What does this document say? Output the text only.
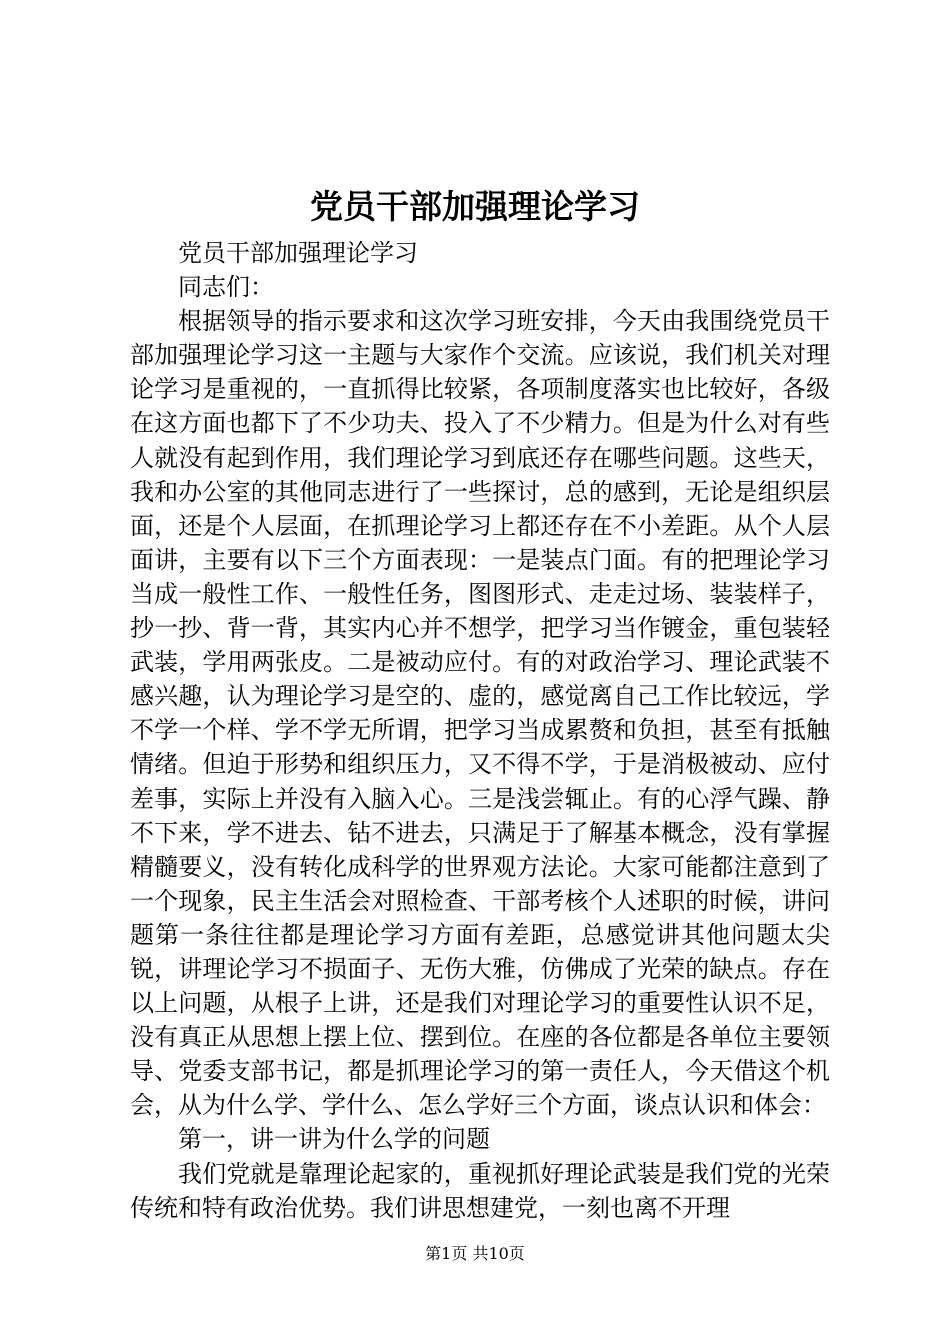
党员干部加强理论学习

党员干部加强理论学习

同志们：

根据领导的指示要求和这次学习班安排，今天由我围绕党员干部加强理论学习这一主题与大家作个交流。应该说，我们机关对理论学习是重视的，一直抓得比较紧，各项制度落实也比较好，各级在这方面也都下了不少功夫、投入了不少精力。但是为什么对有些人就没有起到作用，我们理论学习到底还存在哪些问题。这些天，我和办公室的其他同志进行了一些探讨，总的感到，无论是组织层面，还是个人层面，在抓理论学习上都还存在不小差距。从个人层面讲，主要有以下三个方面表现：一是装点门面。有的把理论学习当成一般性工作、一般性任务，图图形式、走走过场、装装样子，抄一抄、背一背，其实内心并不想学，把学习当作镀金，重包装轻武装，学用两张皮。二是被动应付。有的对政治学习、理论武装不感兴趣，认为理论学习是空的、虚的，感觉离自己工作比较远，学不学一个样、学不学无所谓，把学习当成累赘和负担，甚至有抵触情绪。但迫于形势和组织压力，又不得不学，于是消极被动、应付差事，实际上并没有入脑入心。三是浅尝辄止。有的心浮气躁、静不下来，学不进去、钻不进去，只满足于了解基本概念，没有掌握精髓要义，没有转化成科学的世界观方法论。大家可能都注意到了一个现象，民主生活会对照检查、干部考核个人述职的时候，讲问题第一条往往都是理论学习方面有差距，总感觉讲其他问题太尖锐，讲理论学习不损面子、无伤大雅，仿佛成了光荣的缺点。存在以上问题，从根子上讲，还是我们对理论学习的重要性认识不足，没有真正从思想上摆上位、摆到位。在座的各位都是各单位主要领导、党委支部书记，都是抓理论学习的第一责任人，今天借这个机会，从为什么学、学什么、怎么学好三个方面，谈点认识和体会：

第一，讲一讲为什么学的问题

我们党就是靠理论起家的，重视抓好理论武装是我们党的光荣传统和特有政治优势。我们讲思想建党，一刻也离不开理

第1页 共10页
